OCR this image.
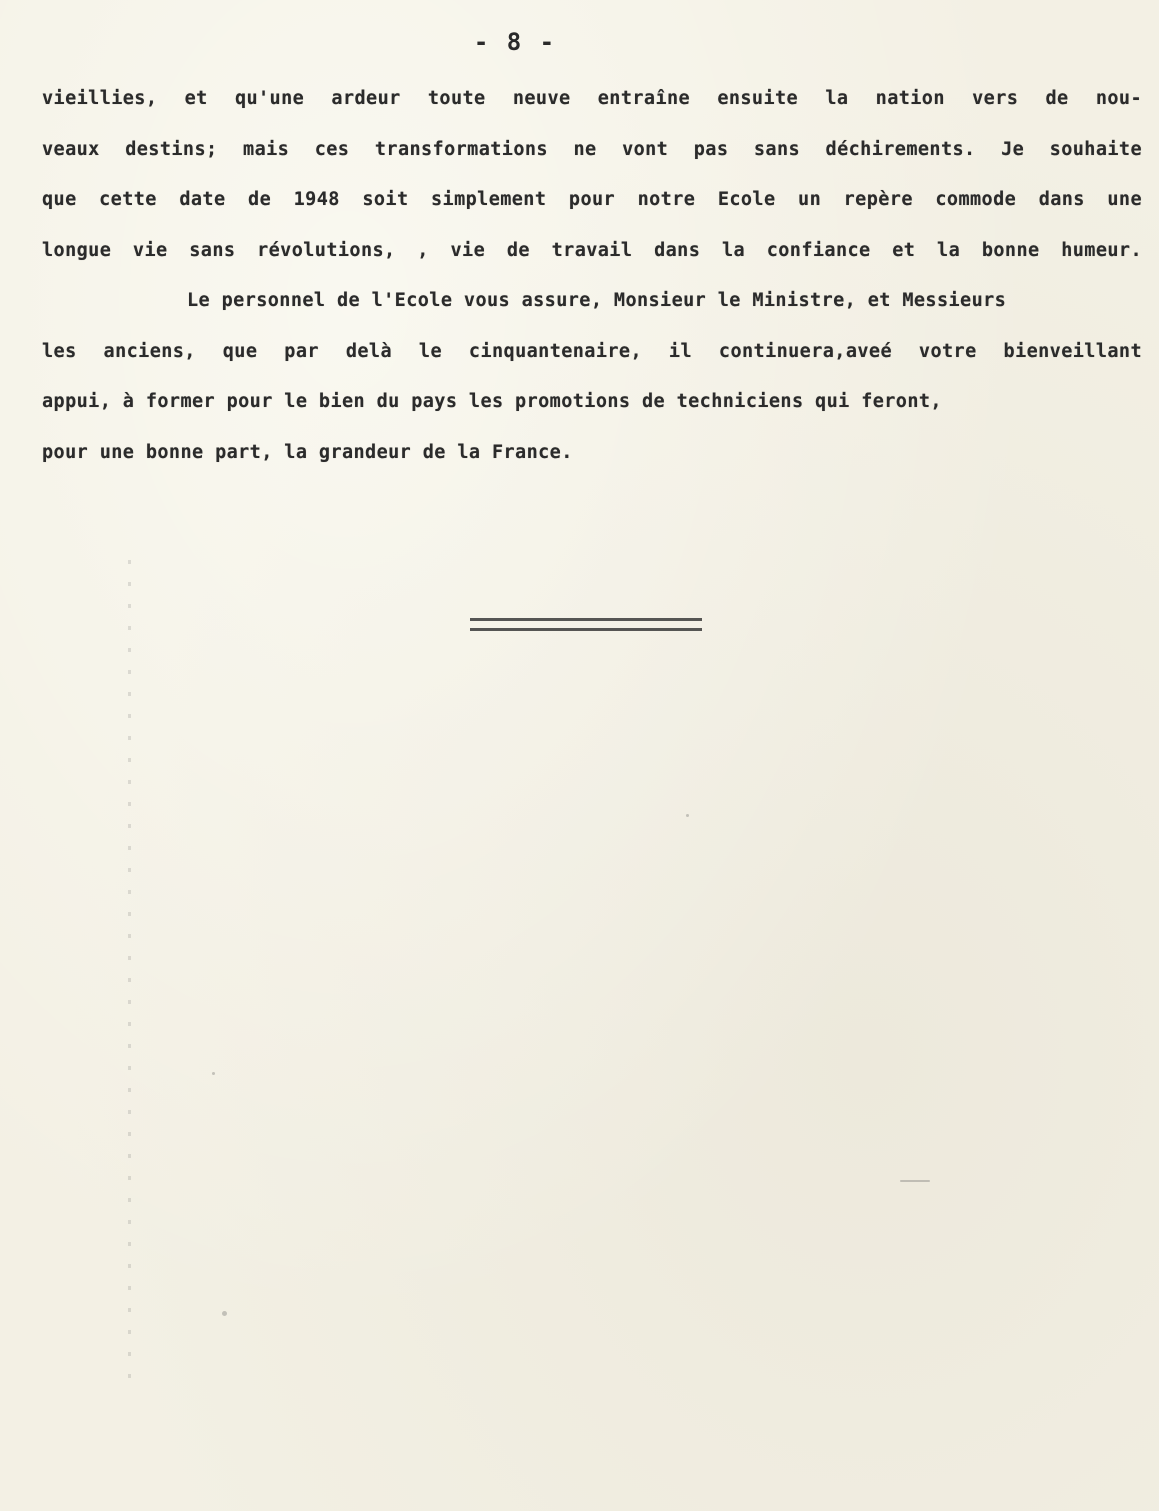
- 8 -
vieillies, et qu'une ardeur toute neuve entraîne ensuite la nation vers de nou-
veaux destins; mais ces transformations ne vont pas sans déchirements. Je souhaite
que cette date de 1948 soit simplement pour notre Ecole un repère commode dans une
longue vie sans révolutions, , vie de travail dans la confiance et la bonne humeur.
Le personnel de l'Ecole vous assure, Monsieur le Ministre, et Messieurs
les anciens, que par delà le cinquantenaire, il continuera,aveé votre bienveillant
appui, à former pour le bien du pays les promotions de techniciens qui feront,
pour une bonne part, la grandeur de la France.
